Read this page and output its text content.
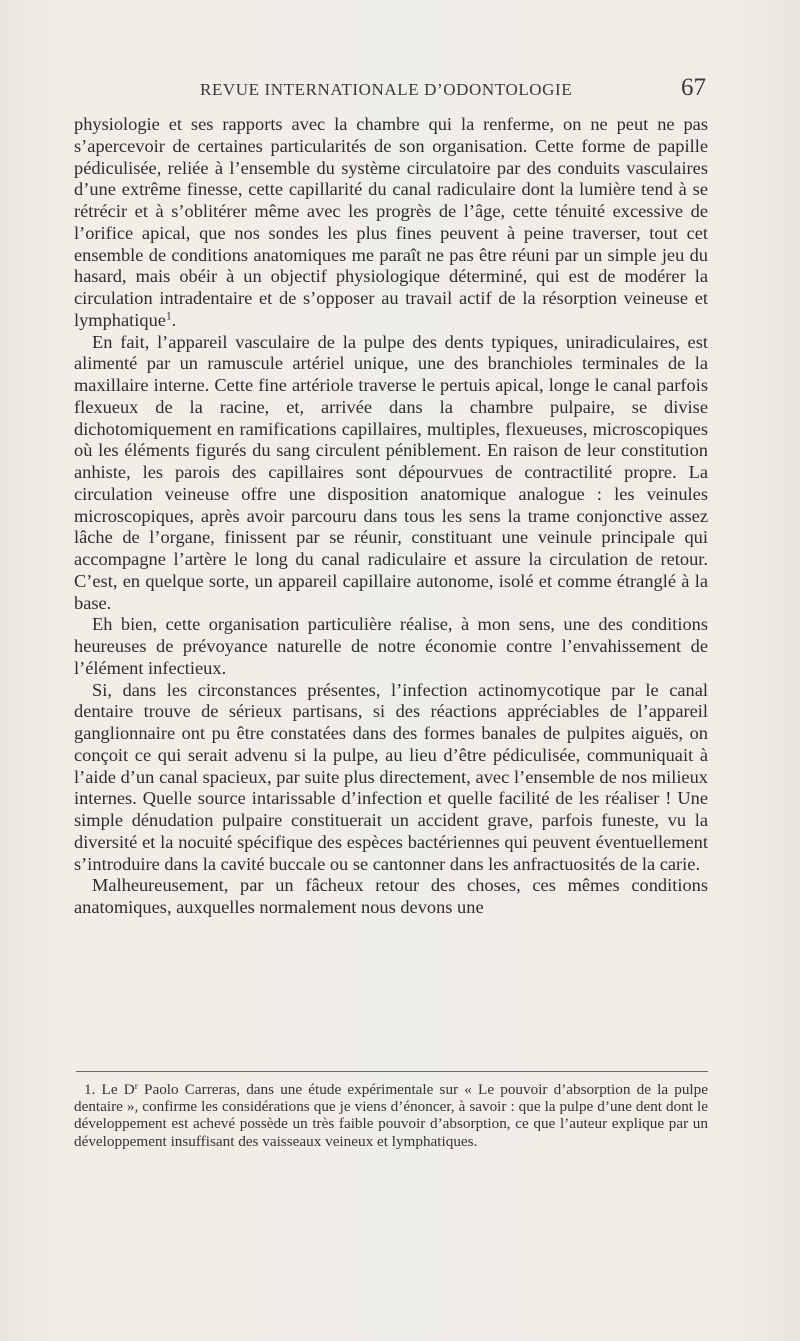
REVUE INTERNATIONALE D’ODONTOLOGIE	67

physiologie et ses rapports avec la chambre qui la renferme, on ne peut ne pas s’apercevoir de certaines particularités de son organisation. Cette forme de papille pédiculisée, reliée à l’ensemble du système circulatoire par des conduits vasculaires d’une extrême finesse, cette capillarité du canal radiculaire dont la lumière tend à se rétrécir et à s’oblitérer même avec les progrès de l’âge, cette ténuité excessive de l’orifice apical, que nos sondes les plus fines peuvent à peine traverser, tout cet ensemble de conditions anatomiques me paraît ne pas être réuni par un simple jeu du hasard, mais obéir à un objectif physiologique déterminé, qui est de modérer la circulation intradentaire et de s’opposer au travail actif de la résorption veineuse et lymphatique$^1$.

En fait, l’appareil vasculaire de la pulpe des dents typiques, uniradiculaires, est alimenté par un ramuscule artériel unique, une des branchioles terminales de la maxillaire interne. Cette fine artériole traverse le pertuis apical, longe le canal parfois flexueux de la racine, et, arrivée dans la chambre pulpaire, se divise dichotomiquement en ramifications capillaires, multiples, flexueuses, microscopiques où les éléments figurés du sang circulent péniblement. En raison de leur constitution anhiste, les parois des capillaires sont dépourvues de contractilité propre. La circulation veineuse offre une disposition anatomique analogue : les veinules microscopiques, après avoir parcouru dans tous les sens la trame conjonctive assez lâche de l’organe, finissent par se réunir, constituant une veinule principale qui accompagne l’artère le long du canal radiculaire et assure la circulation de retour. C’est, en quelque sorte, un appareil capillaire autonome, isolé et comme étranglé à la base.

Eh bien, cette organisation particulière réalise, à mon sens, une des conditions heureuses de prévoyance naturelle de notre économie contre l’envahissement de l’élément infectieux.

Si, dans les circonstances présentes, l’infection actinomycotique par le canal dentaire trouve de sérieux partisans, si des réactions appréciables de l’appareil ganglionnaire ont pu être constatées dans des formes banales de pulpites aiguës, on conçoit ce qui serait advenu si la pulpe, au lieu d’être pédiculisée, communiquait à l’aide d’un canal spacieux, par suite plus directement, avec l’ensemble de nos milieux internes. Quelle source intarissable d’infection et quelle facilité de les réaliser ! Une simple dénudation pulpaire constituerait un accident grave, parfois funeste, vu la diversité et la nocuité spécifique des espèces bactériennes qui peuvent éventuellement s’introduire dans la cavité buccale ou se cantonner dans les anfractuosités de la carie.

Malheureusement, par un fâcheux retour des choses, ces mêmes conditions anatomiques, auxquelles normalement nous devons une

1. Le $D^r$ Paolo Carreras, dans une étude expérimentale sur « Le pouvoir d’absorption de la pulpe dentaire », confirme les considérations que je viens d’énoncer, à savoir : que la pulpe d’une dent dont le développement est achevé possède un très faible pouvoir d’absorption, ce que l’auteur explique par un développement insuffisant des vaisseaux veineux et lymphatiques.
